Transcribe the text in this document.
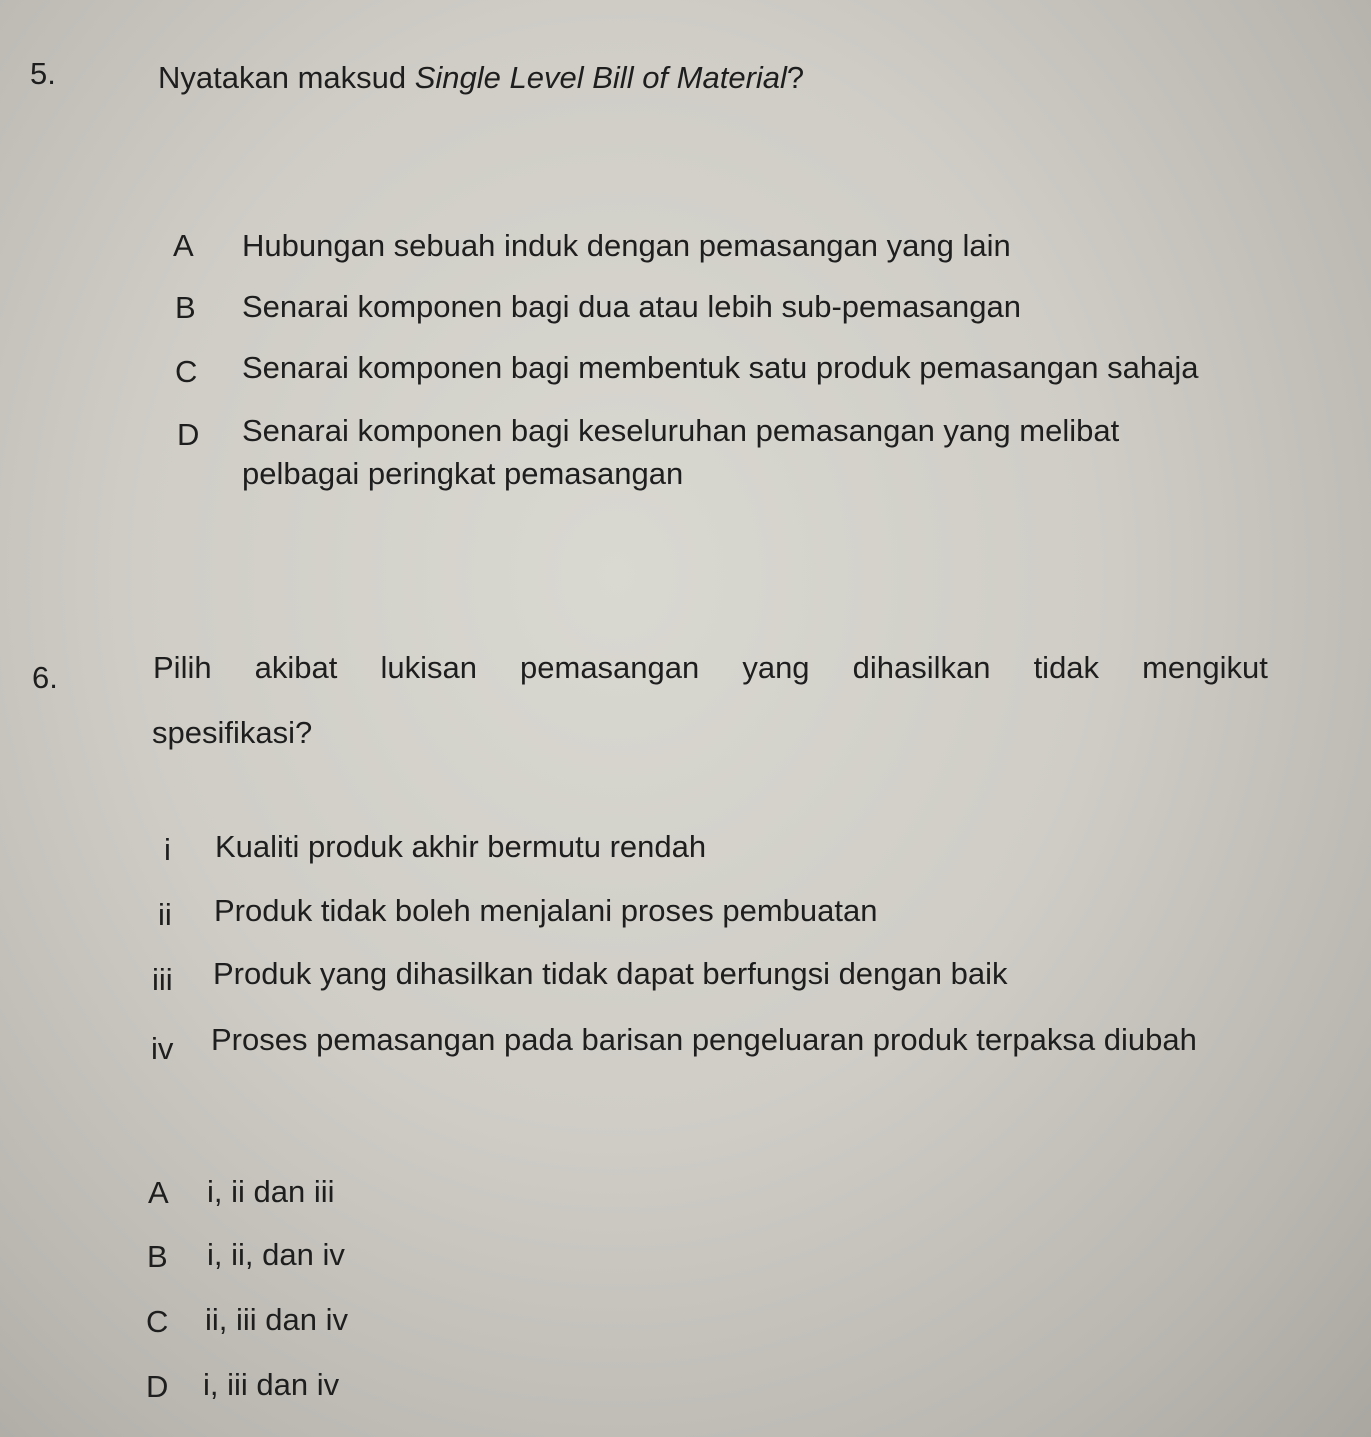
5.	Nyatakan maksud Single Level Bill of Material?
A Hubungan sebuah induk dengan pemasangan yang lain
B Senarai komponen bagi dua atau lebih sub-pemasangan
C Senarai komponen bagi membentuk satu produk pemasangan sahaja
D Senarai komponen bagi keseluruhan pemasangan yang melibat
pelbagai peringkat pemasangan
6.	Pilih akibat lukisan pemasangan yang dihasilkan tidak mengikut
spesifikasi?
i Kualiti produk akhir bermutu rendah
ii Produk tidak boleh menjalani proses pembuatan
iii Produk yang dihasilkan tidak dapat berfungsi dengan baik
iv Proses pemasangan pada barisan pengeluaran produk terpaksa diubah
A i, ii dan iii
B i, ii, dan iv
C ii, iii dan iv
D i, iii dan iv
